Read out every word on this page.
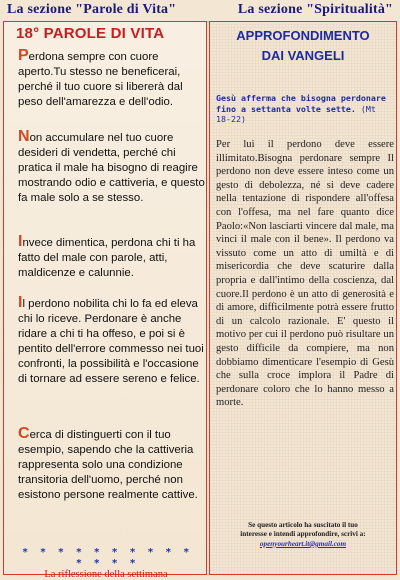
La sezione "Parole di Vita"	La sezione "Spiritualità"
18° PAROLE DI VITA

Perdona sempre con cuore aperto.Tu stesso ne beneficerai, perché il tuo cuore si libererà dal peso dell'amarezza e dell'odio.

Non accumulare nel tuo cuore desideri di vendetta, perché chi pratica il male ha bisogno di reagire mostrando odio e cattiveria, e questo fa male solo a se stesso.

Invece dimentica, perdona chi ti ha fatto del male con parole, atti, maldicenze e calunnie.

Il perdono nobilita chi lo fa ed eleva chi lo riceve. Perdonare è anche ridare a chi ti ha offeso, e poi si è pentito dell'errore commesso nei tuoi confronti, la possibilità e l'occasione di tornare ad essere sereno e felice.

Cerca di distinguerti con il tuo esempio, sapendo che la cattiveria rappresenta solo una condizione transitoria dell'uomo, perché non esistono persone realmente cattive.

* * * * * * * * * * * * * *
La riflessione della settimana
APPROFONDIMENTO
DAI VANGELI
Gesù afferma che bisogna perdonare fino a settanta volte sette. (Mt 18-22)

Per lui il perdono deve essere illimitato.Bisogna perdonare sempre Il perdono non deve essere inteso come un gesto di debolezza, né si deve cadere nella tentazione di rispondere all'offesa con l'offesa, ma nel fare quanto dice Paolo:«Non lasciarti vincere dal male, ma vinci il male con il bene». Il perdono va vissuto come un atto di umiltà e di misericordia che deve scaturire dalla propria e dall'intimo della coscienza, dal cuore.Il perdono è un atto di generosità e di amore, difficilmente potrà essere frutto di un calcolo razionale. E' questo il motivo per cui il perdono può risultare un gesto difficile da compiere, ma non dobbiamo dimenticare l'esempio di Gesù che sulla croce implora il Padre di perdonare coloro che lo hanno messo a morte.

Se questo articolo ha suscitato il tuo
interesse e intendi approfondire, scrivi a:
openyourheart.it@gmail.com
